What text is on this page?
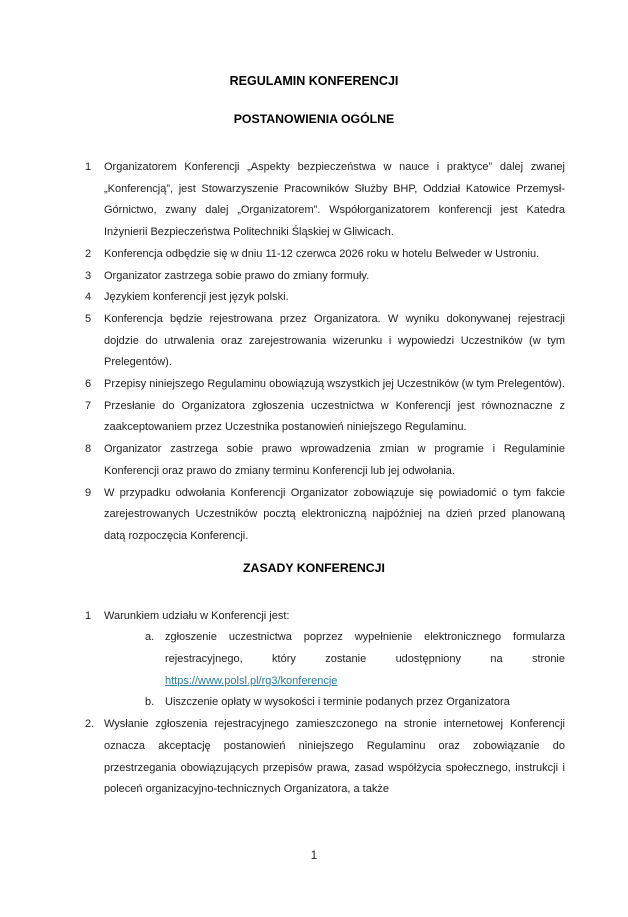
REGULAMIN KONFERENCJI
POSTANOWIENIA OGÓLNE
1	Organizatorem Konferencji „Aspekty bezpieczeństwa w nauce i praktyce” dalej zwanej „Konferencją”, jest Stowarzyszenie Pracowników Służby BHP, Oddział Katowice Przemysł-Górnictwo, zwany dalej „Organizatorem”. Współorganizatorem konferencji jest Katedra Inżynierii Bezpieczeństwa Politechniki Śląskiej w Gliwicach.
2	Konferencja odbędzie się w dniu 11-12 czerwca 2026 roku w hotelu Belweder w Ustroniu.
3	Organizator zastrzega sobie prawo do zmiany formuły.
4	Językiem konferencji jest język polski.
5	Konferencja będzie rejestrowana przez Organizatora. W wyniku dokonywanej rejestracji dojdzie do utrwalenia oraz zarejestrowania wizerunku i wypowiedzi Uczestników (w tym Prelegentów).
6	Przepisy niniejszego Regulaminu obowiązują wszystkich jej Uczestników (w tym Prelegentów).
7	Przesłanie do Organizatora zgłoszenia uczestnictwa w Konferencji jest równoznaczne z zaakceptowaniem przez Uczestnika postanowień niniejszego Regulaminu.
8	Organizator zastrzega sobie prawo wprowadzenia zmian w programie i Regulaminie Konferencji oraz prawo do zmiany terminu Konferencji lub jej odwołania.
9	W przypadku odwołania Konferencji Organizator zobowiązuje się powiadomić o tym fakcie zarejestrowanych Uczestników pocztą elektroniczną najpóźniej na dzień przed planowaną datą rozpoczęcia Konferencji.
ZASADY KONFERENCJI
1	Warunkiem udziału w Konferencji jest:
a. zgłoszenie uczestnictwa poprzez wypełnienie elektronicznego formularza rejestracyjnego, który zostanie udostępniony na stronie https://www.polsl.pl/rg3/konferencje
b. Uiszczenie opłaty w wysokości i terminie podanych przez Organizatora
2. Wysłanie zgłoszenia rejestracyjnego zamieszczonego na stronie internetowej Konferencji oznacza akceptację postanowień niniejszego Regulaminu oraz zobowiązanie do przestrzegania obowiązujących przepisów prawa, zasad współżycia społecznego, instrukcji i poleceń organizacyjno-technicznych Organizatora, a także
1
